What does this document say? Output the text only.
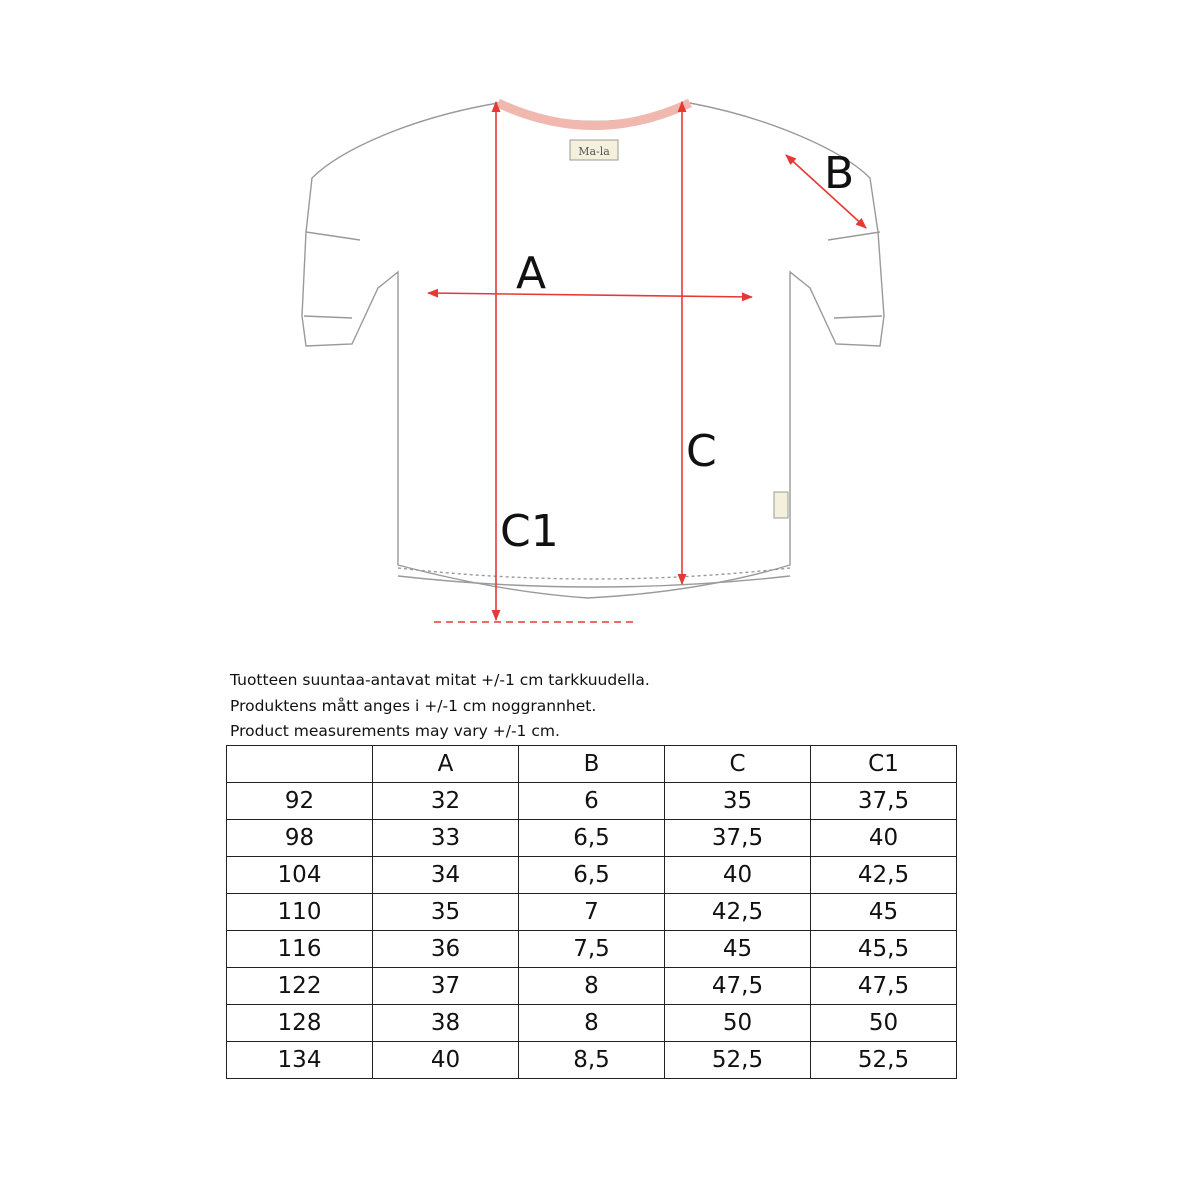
Ma-la
A
B
C
C1
Tuotteen suuntaa-antavat mitat +/-1 cm tarkkuudella.
Produktens mått anges i +/-1 cm noggrannhet.
Product measurements may vary +/-1 cm.
	A	B	C	C1
92	32	6	35	37,5
98	33	6,5	37,5	40
104	34	6,5	40	42,5
110	35	7	42,5	45
116	36	7,5	45	45,5
122	37	8	47,5	47,5
128	38	8	50	50
134	40	8,5	52,5	52,5
